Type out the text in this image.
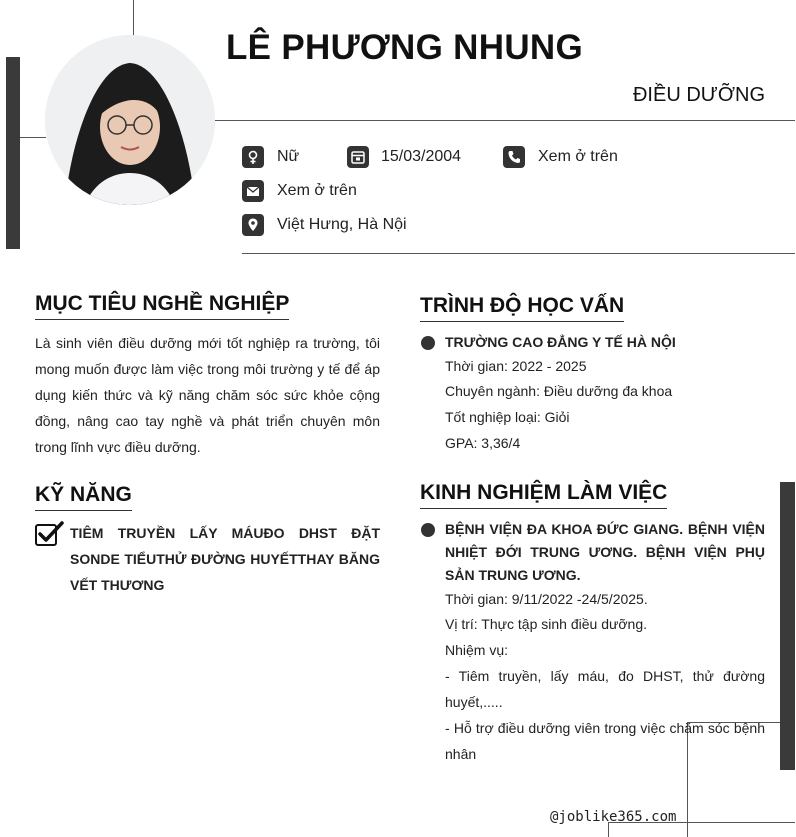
LÊ PHƯƠNG NHUNG
ĐIỀU DƯỠNG
Nữ	15/03/2004	Xem ở trên
Xem ở trên
Việt Hưng, Hà Nội
MỤC TIÊU NGHỀ NGHIỆP
Là sinh viên điều dưỡng mới tốt nghiệp ra trường, tôi mong muốn được làm việc trong môi trường y tế để áp dụng kiến thức và kỹ năng chăm sóc sức khỏe cộng đồng, nâng cao tay nghề và phát triển chuyên môn trong lĩnh vực điều dưỡng.
KỸ NĂNG
TIÊM TRUYỀN LẤY MÁUĐO DHST ĐẶT SONDE TIỂUTHỬ ĐƯỜNG HUYẾTTHAY BĂNG VẾT THƯƠNG
TRÌNH ĐỘ HỌC VẤN
TRƯỜNG CAO ĐẲNG Y TẾ HÀ NỘI
Thời gian: 2022 - 2025
Chuyên ngành: Điều dưỡng đa khoa
Tốt nghiệp loại: Giỏi
GPA: 3,36/4
KINH NGHIỆM LÀM VIỆC
BỆNH VIỆN ĐA KHOA ĐỨC GIANG. BỆNH VIỆN NHIỆT ĐỚI TRUNG ƯƠNG. BỆNH VIỆN PHỤ SẢN TRUNG ƯƠNG.
Thời gian: 9/11/2022 -24/5/2025.
Vị trí: Thực tập sinh điều dưỡng.
Nhiệm vụ:
- Tiêm truyền, lấy máu, đo DHST, thử đường huyết,.....
- Hỗ trợ điều dưỡng viên trong việc chăm sóc bệnh nhân
@joblike365.com
